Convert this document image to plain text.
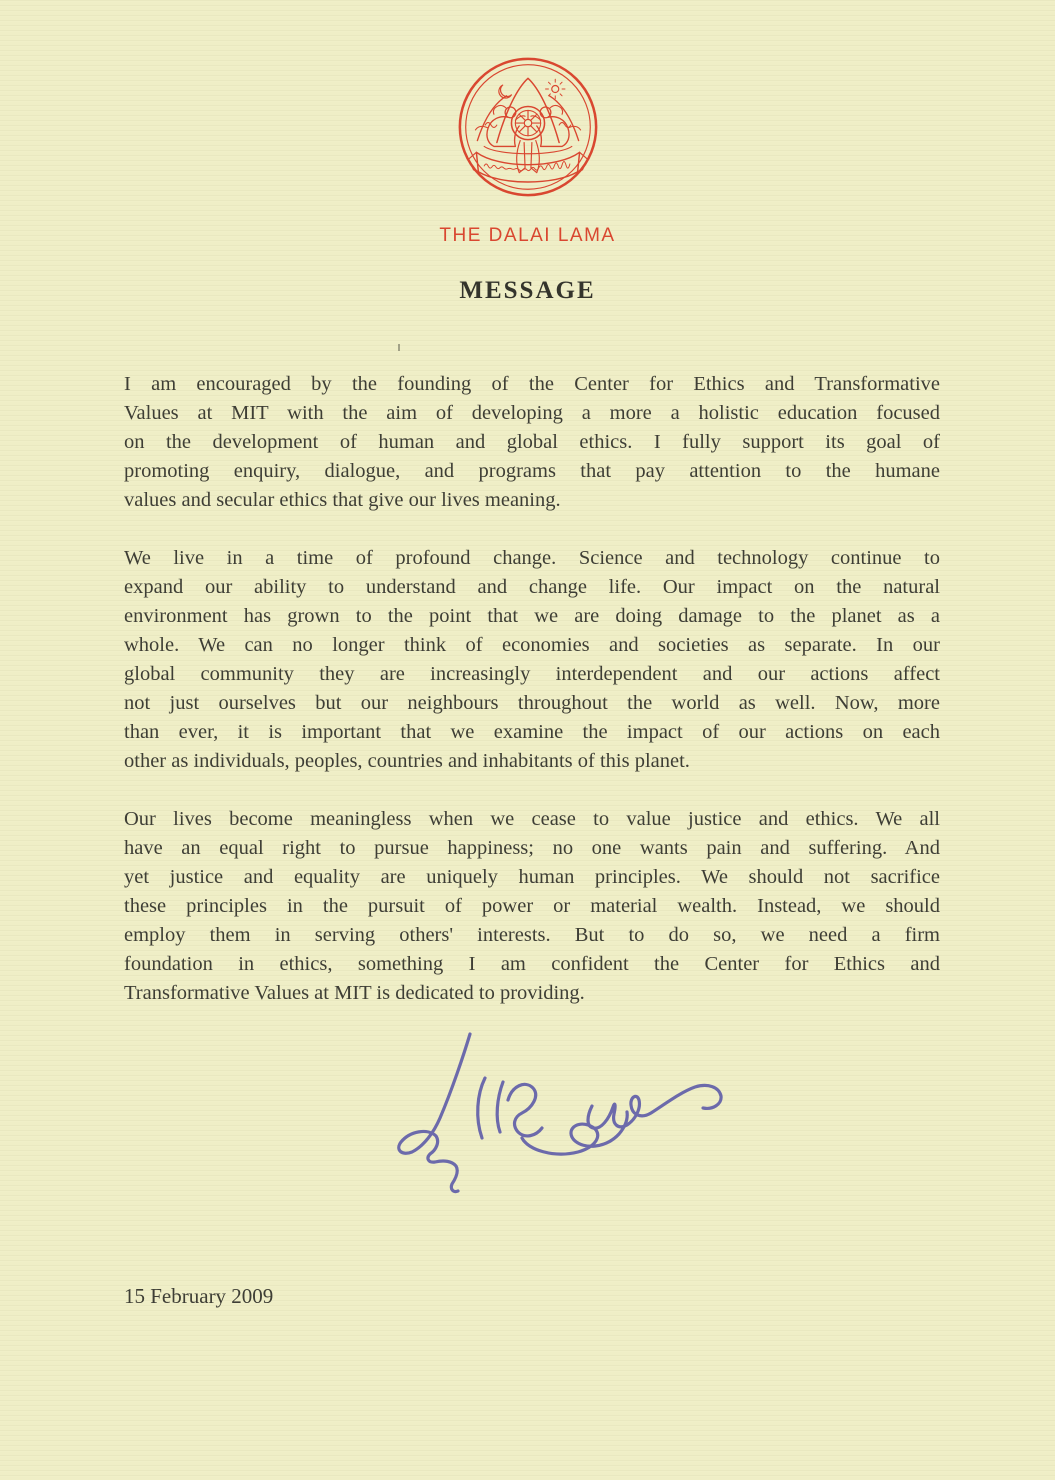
THE DALAI LAMA
MESSAGE
I am encouraged by the founding of the Center for Ethics and Transformative
Values at MIT with the aim of developing a more a holistic education focused
on the development of human and global ethics. I fully support its goal of
promoting enquiry, dialogue, and programs that pay attention to the humane
values and secular ethics that give our lives meaning.
We live in a time of profound change. Science and technology continue to
expand our ability to understand and change life. Our impact on the natural
environment has grown to the point that we are doing damage to the planet as a
whole. We can no longer think of economies and societies as separate. In our
global community they are increasingly interdependent and our actions affect
not just ourselves but our neighbours throughout the world as well. Now, more
than ever, it is important that we examine the impact of our actions on each
other as individuals, peoples, countries and inhabitants of this planet.
Our lives become meaningless when we cease to value justice and ethics. We all
have an equal right to pursue happiness; no one wants pain and suffering. And
yet justice and equality are uniquely human principles. We should not sacrifice
these principles in the pursuit of power or material wealth. Instead, we should
employ them in serving others' interests. But to do so, we need a firm
foundation in ethics, something I am confident the Center for Ethics and
Transformative Values at MIT is dedicated to providing.
15 February 2009
